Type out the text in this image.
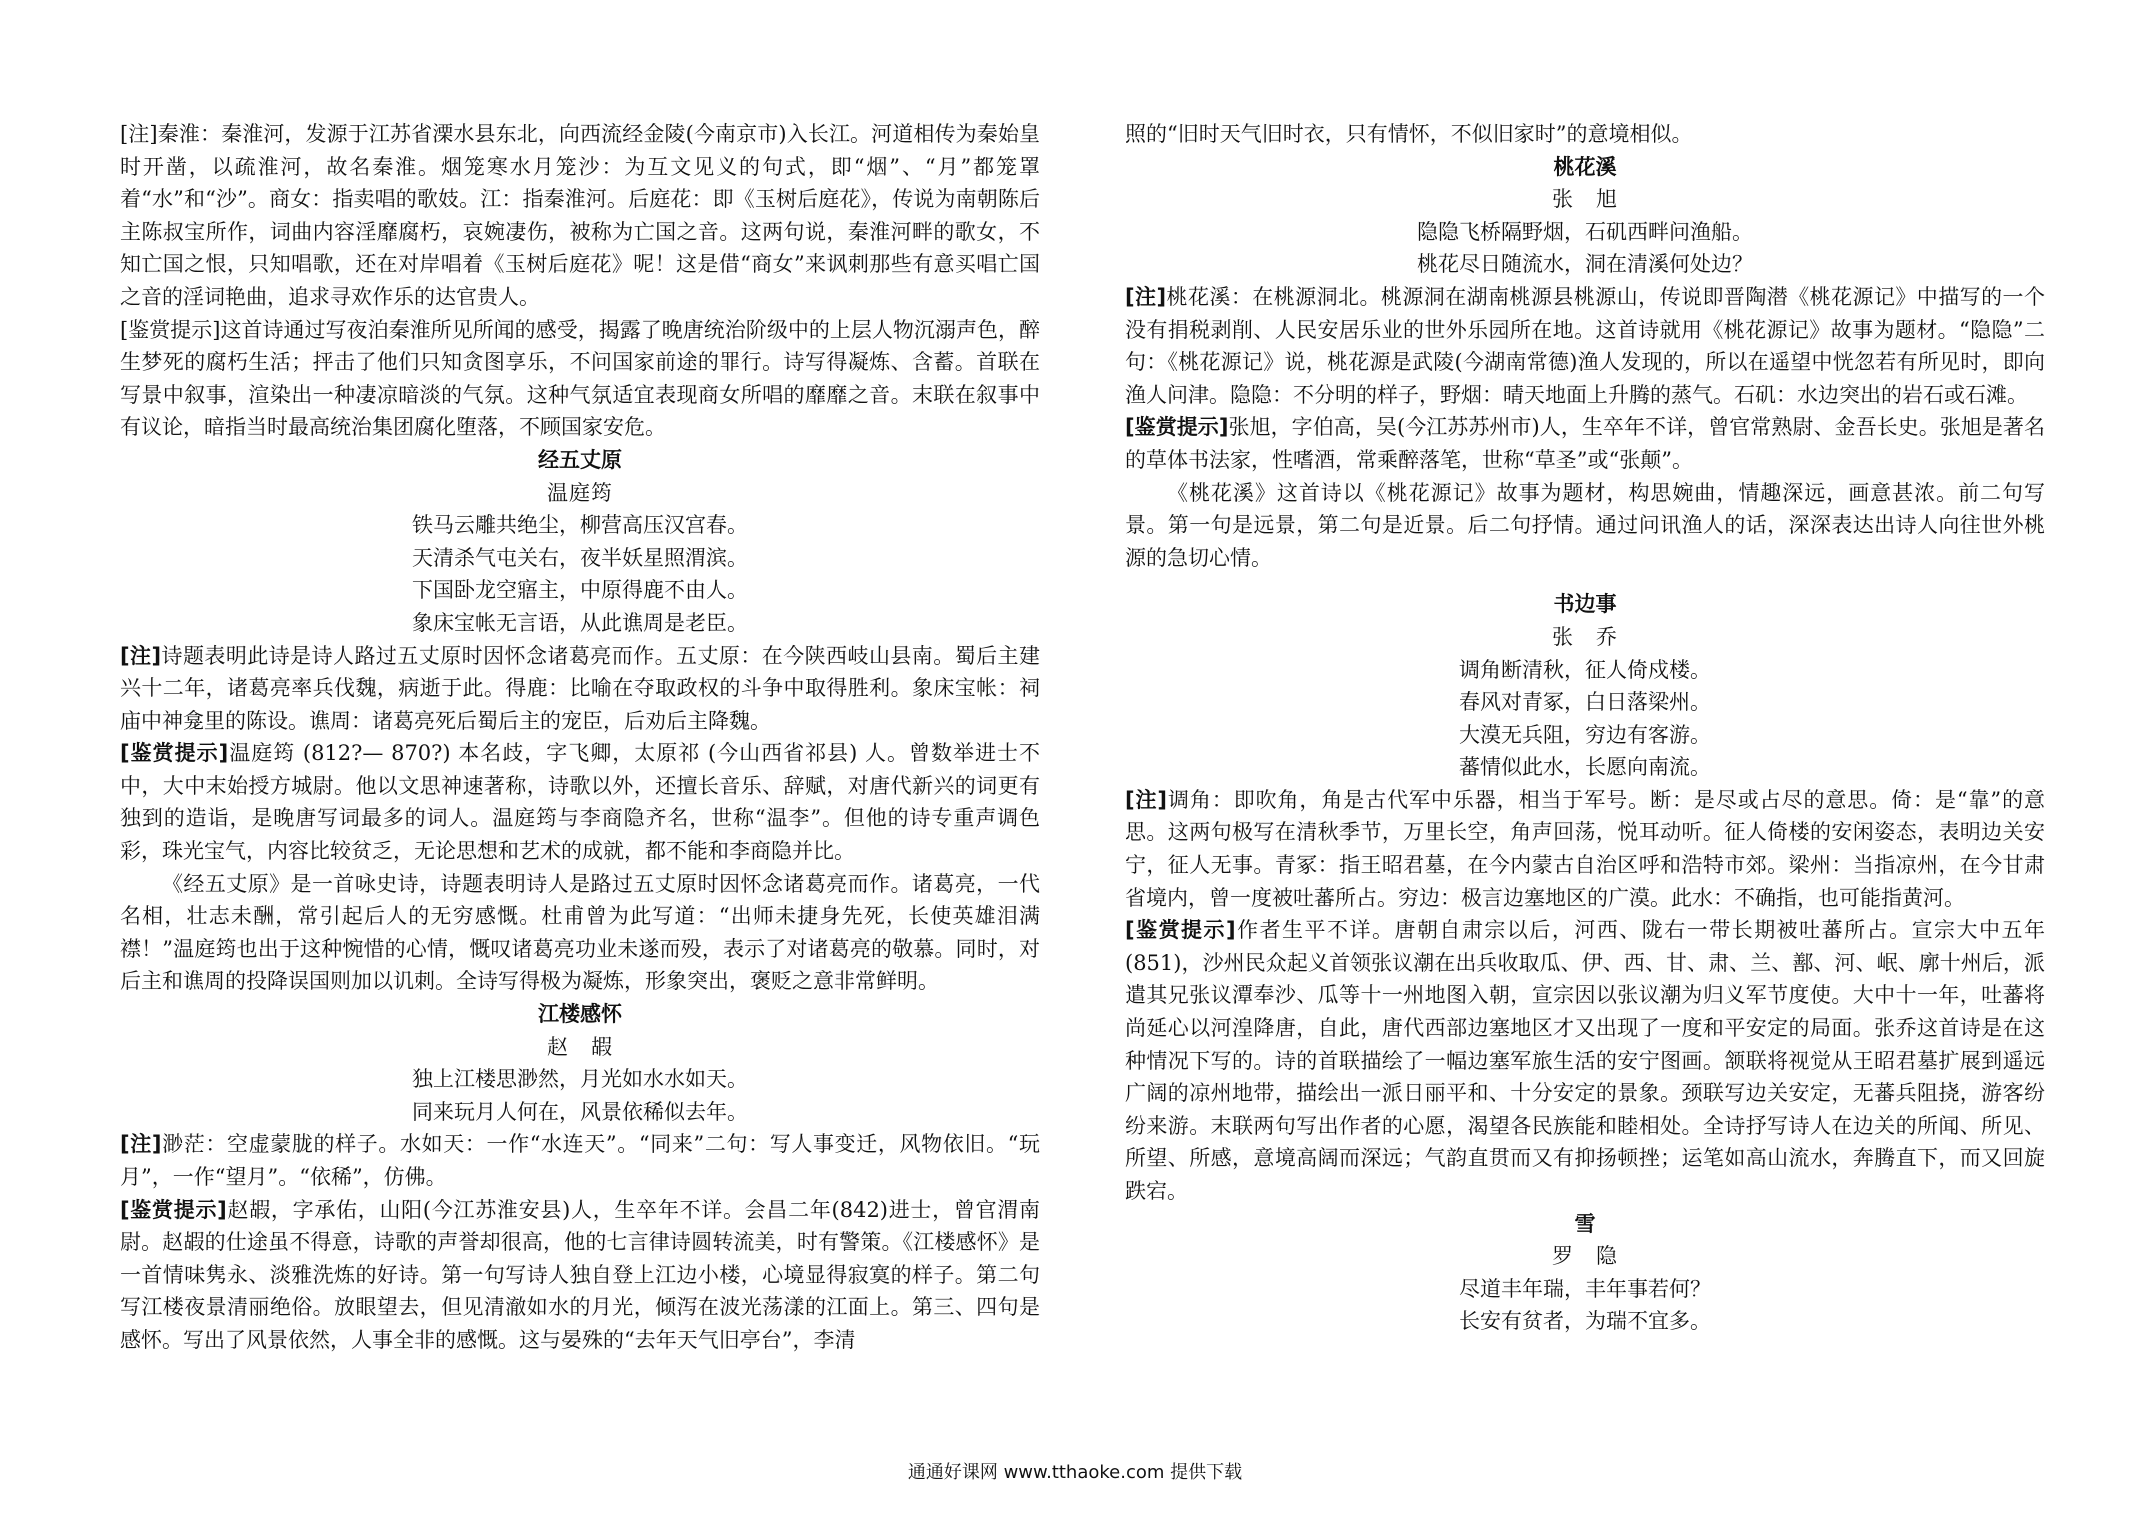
[注]秦淮：秦淮河，发源于江苏省溧水县东北，向西流经金陵(今南京市)入长江。河道相传为秦始皇时开凿，以疏淮河，故名秦淮。烟笼寒水月笼沙：为互文见义的句式，即“烟”、“月”都笼罩着“水”和“沙”。商女：指卖唱的歌妓。江：指秦淮河。后庭花：即《玉树后庭花》，传说为南朝陈后主陈叔宝所作，词曲内容淫靡腐朽，哀婉凄伤，被称为亡国之音。这两句说，秦淮河畔的歌女，不知亡国之恨，只知唱歌，还在对岸唱着《玉树后庭花》呢！这是借“商女”来讽刺那些有意买唱亡国之音的淫词艳曲，追求寻欢作乐的达官贵人。

[鉴赏提示]这首诗通过写夜泊秦淮所见所闻的感受，揭露了晚唐统治阶级中的上层人物沉溺声色，醉生梦死的腐朽生活；抨击了他们只知贪图享乐，不问国家前途的罪行。诗写得凝炼、含蓄。首联在写景中叙事，渲染出一种凄凉暗淡的气氛。这种气氛适宜表现商女所唱的靡靡之音。末联在叙事中有议论，暗指当时最高统治集团腐化堕落，不顾国家安危。

经五丈原
温庭筠
铁马云雕共绝尘，柳营高压汉宫春。
天清杀气屯关右，夜半妖星照渭滨。
下国卧龙空寤主，中原得鹿不由人。
象床宝帐无言语，从此谯周是老臣。

[注]诗题表明此诗是诗人路过五丈原时因怀念诸葛亮而作。五丈原：在今陕西岐山县南。蜀后主建兴十二年，诸葛亮率兵伐魏，病逝于此。得鹿：比喻在夺取政权的斗争中取得胜利。象床宝帐：祠庙中神龛里的陈设。谯周：诸葛亮死后蜀后主的宠臣，后劝后主降魏。

[鉴赏提示]温庭筠 (812?— 870?) 本名歧，字飞卿，太原祁 (今山西省祁县) 人。曾数举进士不中，大中末始授方城尉。他以文思神速著称，诗歌以外，还擅长音乐、辞赋，对唐代新兴的词更有独到的造诣，是晚唐写词最多的词人。温庭筠与李商隐齐名，世称“温李”。但他的诗专重声调色彩，珠光宝气，内容比较贫乏，无论思想和艺术的成就，都不能和李商隐并比。

《经五丈原》是一首咏史诗，诗题表明诗人是路过五丈原时因怀念诸葛亮而作。诸葛亮，一代名相，壮志未酬，常引起后人的无穷感慨。杜甫曾为此写道：“出师未捷身先死，长使英雄泪满襟！”温庭筠也出于这种惋惜的心情，慨叹诸葛亮功业未遂而殁，表示了对诸葛亮的敬慕。同时，对后主和谯周的投降误国则加以讥刺。全诗写得极为凝炼，形象突出，褒贬之意非常鲜明。

江楼感怀
赵　嘏
独上江楼思渺然，月光如水水如天。
同来玩月人何在，风景依稀似去年。

[注]渺茫：空虚蒙胧的样子。水如天：一作“水连天”。“同来”二句：写人事变迁，风物依旧。“玩月”，一作“望月”。“依稀”，仿佛。

[鉴赏提示]赵嘏，字承佑，山阳(今江苏淮安县)人，生卒年不详。会昌二年(842)进士，曾官渭南尉。赵嘏的仕途虽不得意，诗歌的声誉却很高，他的七言律诗圆转流美，时有警策。《江楼感怀》是一首情味隽永、淡雅洗炼的好诗。第一句写诗人独自登上江边小楼，心境显得寂寞的样子。第二句写江楼夜景清丽绝俗。放眼望去，但见清澈如水的月光，倾泻在波光荡漾的江面上。第三、四句是感怀。写出了风景依然，人事全非的感慨。这与晏殊的“去年天气旧亭台”，李清

照的“旧时天气旧时衣，只有情怀，不似旧家时”的意境相似。

桃花溪
张　旭
隐隐飞桥隔野烟，石矶西畔问渔船。
桃花尽日随流水，洞在清溪何处边？

[注]桃花溪：在桃源洞北。桃源洞在湖南桃源县桃源山，传说即晋陶潜《桃花源记》中描写的一个没有捐税剥削、人民安居乐业的世外乐园所在地。这首诗就用《桃花源记》故事为题材。“隐隐”二句：《桃花源记》说，桃花源是武陵(今湖南常德)渔人发现的，所以在遥望中恍忽若有所见时，即向渔人问津。隐隐：不分明的样子，野烟：晴天地面上升腾的蒸气。石矶：水边突出的岩石或石滩。

[鉴赏提示]张旭，字伯高，吴(今江苏苏州市)人，生卒年不详，曾官常熟尉、金吾长史。张旭是著名的草体书法家，性嗜酒，常乘醉落笔，世称“草圣”或“张颠”。

《桃花溪》这首诗以《桃花源记》故事为题材，构思婉曲，情趣深远，画意甚浓。前二句写景。第一句是远景，第二句是近景。后二句抒情。通过问讯渔人的话，深深表达出诗人向往世外桃源的急切心情。

书边事
张　乔
调角断清秋，征人倚戍楼。
春风对青冢，白日落梁州。
大漠无兵阻，穷边有客游。
蕃情似此水，长愿向南流。

[注]调角：即吹角，角是古代军中乐器，相当于军号。断：是尽或占尽的意思。倚：是“靠”的意思。这两句极写在清秋季节，万里长空，角声回荡，悦耳动听。征人倚楼的安闲姿态，表明边关安宁，征人无事。青冢：指王昭君墓，在今内蒙古自治区呼和浩特市郊。梁州：当指凉州，在今甘肃省境内，曾一度被吐蕃所占。穷边：极言边塞地区的广漠。此水：不确指，也可能指黄河。

[鉴赏提示]作者生平不详。唐朝自肃宗以后，河西、陇右一带长期被吐蕃所占。宣宗大中五年(851)，沙州民众起义首领张议潮在出兵收取瓜、伊、西、甘、肃、兰、鄯、河、岷、廓十州后，派遣其兄张议潭奉沙、瓜等十一州地图入朝，宣宗因以张议潮为归义军节度使。大中十一年，吐蕃将尚延心以河湟降唐，自此，唐代西部边塞地区才又出现了一度和平安定的局面。张乔这首诗是在这种情况下写的。诗的首联描绘了一幅边塞军旅生活的安宁图画。颔联将视觉从王昭君墓扩展到遥远广阔的凉州地带，描绘出一派日丽平和、十分安定的景象。颈联写边关安定，无蕃兵阻挠，游客纷纷来游。末联两句写出作者的心愿，渴望各民族能和睦相处。全诗抒写诗人在边关的所闻、所见、所望、所感，意境高阔而深远；气韵直贯而又有抑扬顿挫；运笔如高山流水，奔腾直下，而又回旋跌宕。

雪
罗　隐
尽道丰年瑞，丰年事若何？
长安有贫者，为瑞不宜多。
通通好课网 www.tthaoke.com 提供下载
